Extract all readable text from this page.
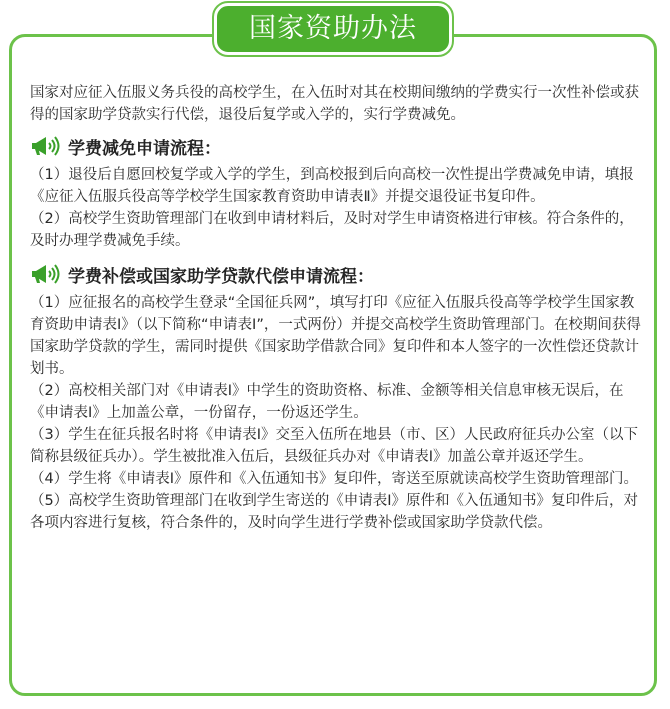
国家资助办法

国家对应征入伍服义务兵役的高校学生，在入伍时对其在校期间缴纳的学费实行一次性补偿或获得的国家助学贷款实行代偿，退役后复学或入学的，实行学费减免。

学费减免申请流程：

（1）退役后自愿回校复学或入学的学生，到高校报到后向高校一次性提出学费减免申请，填报《应征入伍服兵役高等学校学生国家教育资助申请表Ⅱ》并提交退役证书复印件。

（2）高校学生资助管理部门在收到申请材料后，及时对学生申请资格进行审核。符合条件的，及时办理学费减免手续。

学费补偿或国家助学贷款代偿申请流程：

（1）应征报名的高校学生登录“全国征兵网”，填写打印《应征入伍服兵役高等学校学生国家教育资助申请表Ⅰ》（以下简称“申请表Ⅰ”，一式两份）并提交高校学生资助管理部门。在校期间获得国家助学贷款的学生，需同时提供《国家助学借款合同》复印件和本人签字的一次性偿还贷款计划书。

（2）高校相关部门对《申请表Ⅰ》中学生的资助资格、标准、金额等相关信息审核无误后，在《申请表Ⅰ》上加盖公章，一份留存，一份返还学生。

（3）学生在征兵报名时将《申请表Ⅰ》交至入伍所在地县（市、区）人民政府征兵办公室（以下简称县级征兵办）。学生被批准入伍后，县级征兵办对《申请表Ⅰ》加盖公章并返还学生。

（4）学生将《申请表Ⅰ》原件和《入伍通知书》复印件，寄送至原就读高校学生资助管理部门。

（5）高校学生资助管理部门在收到学生寄送的《申请表Ⅰ》原件和《入伍通知书》复印件后，对各项内容进行复核，符合条件的，及时向学生进行学费补偿或国家助学贷款代偿。
